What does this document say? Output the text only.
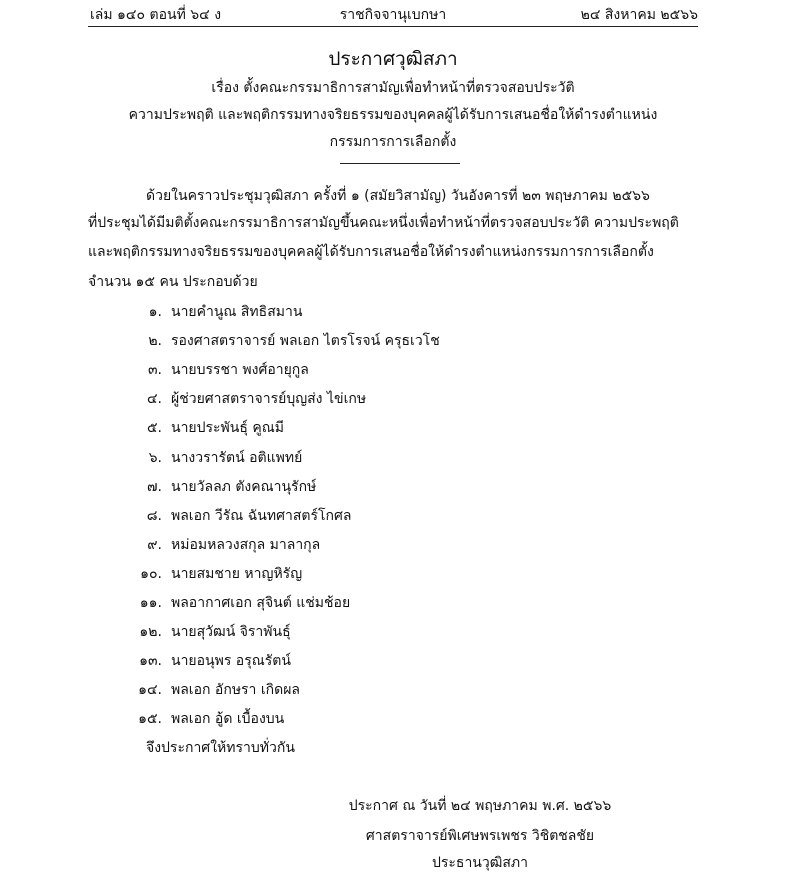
เล่ม ๑๔๐ ตอนที่ ๖๔ ง	ราชกิจจานุเบกษา	๒๔ สิงหาคม ๒๕๖๖
ประกาศวุฒิสภา
เรื่อง ตั้งคณะกรรมาธิการสามัญเพื่อทำหน้าที่ตรวจสอบประวัติ
ความประพฤติ และพฤติกรรมทางจริยธรรมของบุคคลผู้ได้รับการเสนอชื่อให้ดำรงตำแหน่ง
กรรมการการเลือกตั้ง
ด้วยในคราวประชุมวุฒิสภา ครั้งที่ ๑ (สมัยวิสามัญ) วันอังคารที่ ๒๓ พฤษภาคม ๒๕๖๖
ที่ประชุมได้มีมติตั้งคณะกรรมาธิการสามัญขึ้นคณะหนึ่งเพื่อทำหน้าที่ตรวจสอบประวัติ ความประพฤติ
และพฤติกรรมทางจริยธรรมของบุคคลผู้ได้รับการเสนอชื่อให้ดำรงตำแหน่งกรรมการการเลือกตั้ง
จำนวน ๑๕ คน ประกอบด้วย
๑. นายคำนูณ สิทธิสมาน
๒. รองศาสตราจารย์ พลเอก ไตรโรจน์ ครุธเวโช
๓. นายบรรชา พงศ์อายุกูล
๔. ผู้ช่วยศาสตราจารย์บุญส่ง ไข่เกษ
๕. นายประพันธุ์ คูณมี
๖. นางวรารัตน์ อติแพทย์
๗. นายวัลลภ ตังคณานุรักษ์
๘. พลเอก วีรัณ ฉันทศาสตร์โกศล
๙. หม่อมหลวงสกุล มาลากุล
๑๐. นายสมชาย หาญหิรัญ
๑๑. พลอากาศเอก สุจินต์ แช่มช้อย
๑๒. นายสุวัฒน์ จิราพันธุ์
๑๓. นายอนุพร อรุณรัตน์
๑๔. พลเอก อักษรา เกิดผล
๑๕. พลเอก อู้ด เบื้องบน
จึงประกาศให้ทราบทั่วกัน
ประกาศ ณ วันที่ ๒๔ พฤษภาคม พ.ศ. ๒๕๖๖
ศาสตราจารย์พิเศษพรเพชร วิชิตชลชัย
ประธานวุฒิสภา
